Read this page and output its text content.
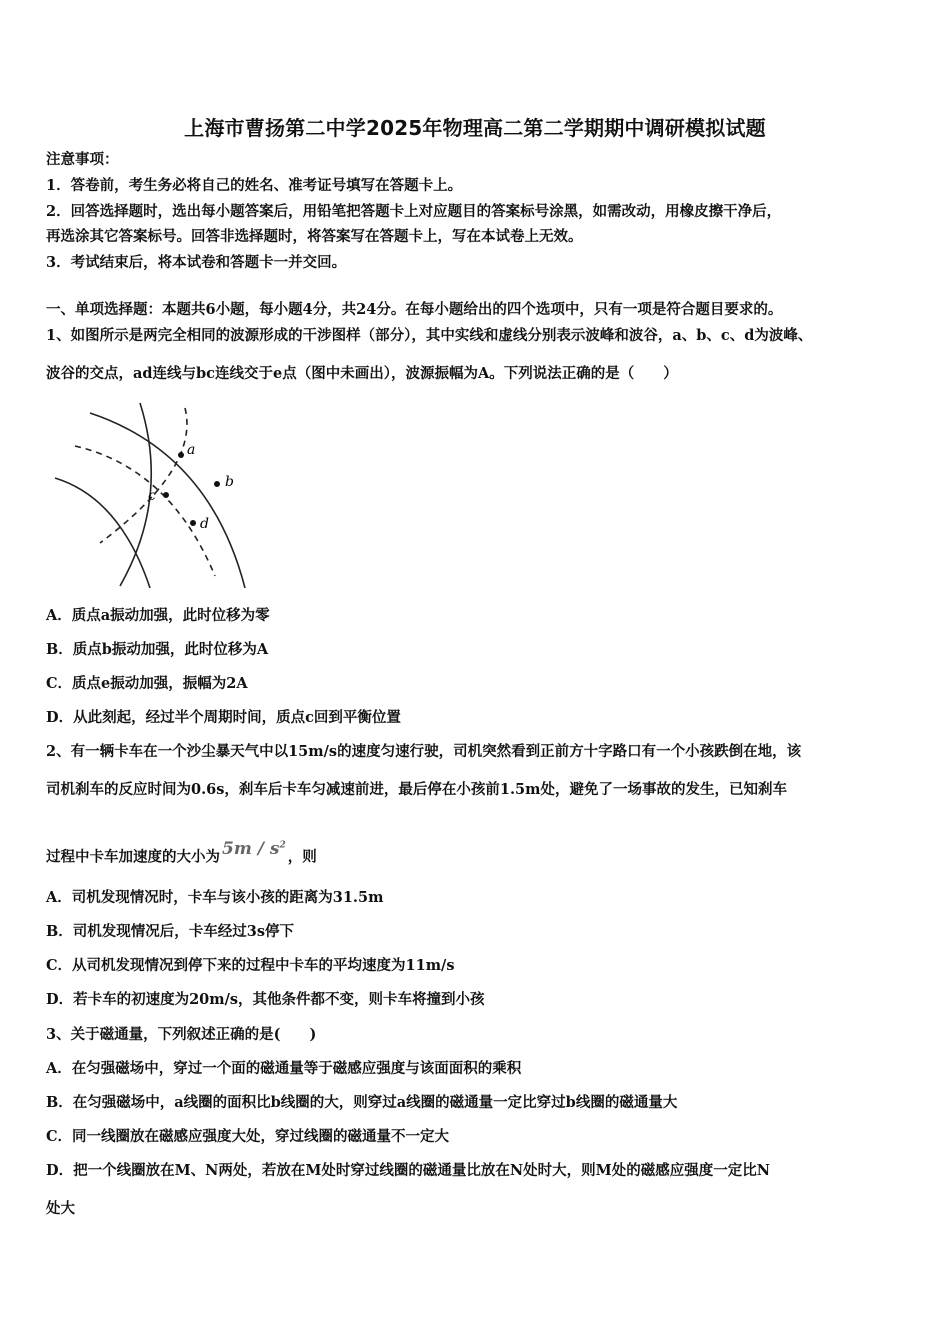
上海市曹扬第二中学2025年物理高二第二学期期中调研模拟试题
注意事项：
1．答卷前，考生务必将自己的姓名、准考证号填写在答题卡上。
2．回答选择题时，选出每小题答案后，用铅笔把答题卡上对应题目的答案标号涂黑，如需改动，用橡皮擦干净后，
再选涂其它答案标号。回答非选择题时，将答案写在答题卡上，写在本试卷上无效。
3．考试结束后，将本试卷和答题卡一并交回。
一、单项选择题：本题共6小题，每小题4分，共24分。在每小题给出的四个选项中，只有一项是符合题目要求的。
1、如图所示是两完全相同的波源形成的干涉图样（部分），其中实线和虚线分别表示波峰和波谷，a、b、c、d为波峰、
波谷的交点，ad连线与bc连线交于e点（图中未画出），波源振幅为A。下列说法正确的是（　　）
a
b
c
d
A．质点a振动加强，此时位移为零
B．质点b振动加强，此时位移为A
C．质点e振动加强，振幅为2A
D．从此刻起，经过半个周期时间，质点c回到平衡位置
2、有一辆卡车在一个沙尘暴天气中以15m/s的速度匀速行驶，司机突然看到正前方十字路口有一个小孩跌倒在地，该
司机刹车的反应时间为0.6s，刹车后卡车匀减速前进，最后停在小孩前1.5m处，避免了一场事故的发生，已知刹车
过程中卡车加速度的大小为 $5m / s^2$，则
A．司机发现情况时，卡车与该小孩的距离为31.5m
B．司机发现情况后，卡车经过3s停下
C．从司机发现情况到停下来的过程中卡车的平均速度为11m/s
D．若卡车的初速度为20m/s，其他条件都不变，则卡车将撞到小孩
3、关于磁通量，下列叙述正确的是(　　)
A．在匀强磁场中，穿过一个面的磁通量等于磁感应强度与该面面积的乘积
B．在匀强磁场中，a线圈的面积比b线圈的大，则穿过a线圈的磁通量一定比穿过b线圈的磁通量大
C．同一线圈放在磁感应强度大处，穿过线圈的磁通量不一定大
D．把一个线圈放在M、N两处，若放在M处时穿过线圈的磁通量比放在N处时大，则M处的磁感应强度一定比N
处大
